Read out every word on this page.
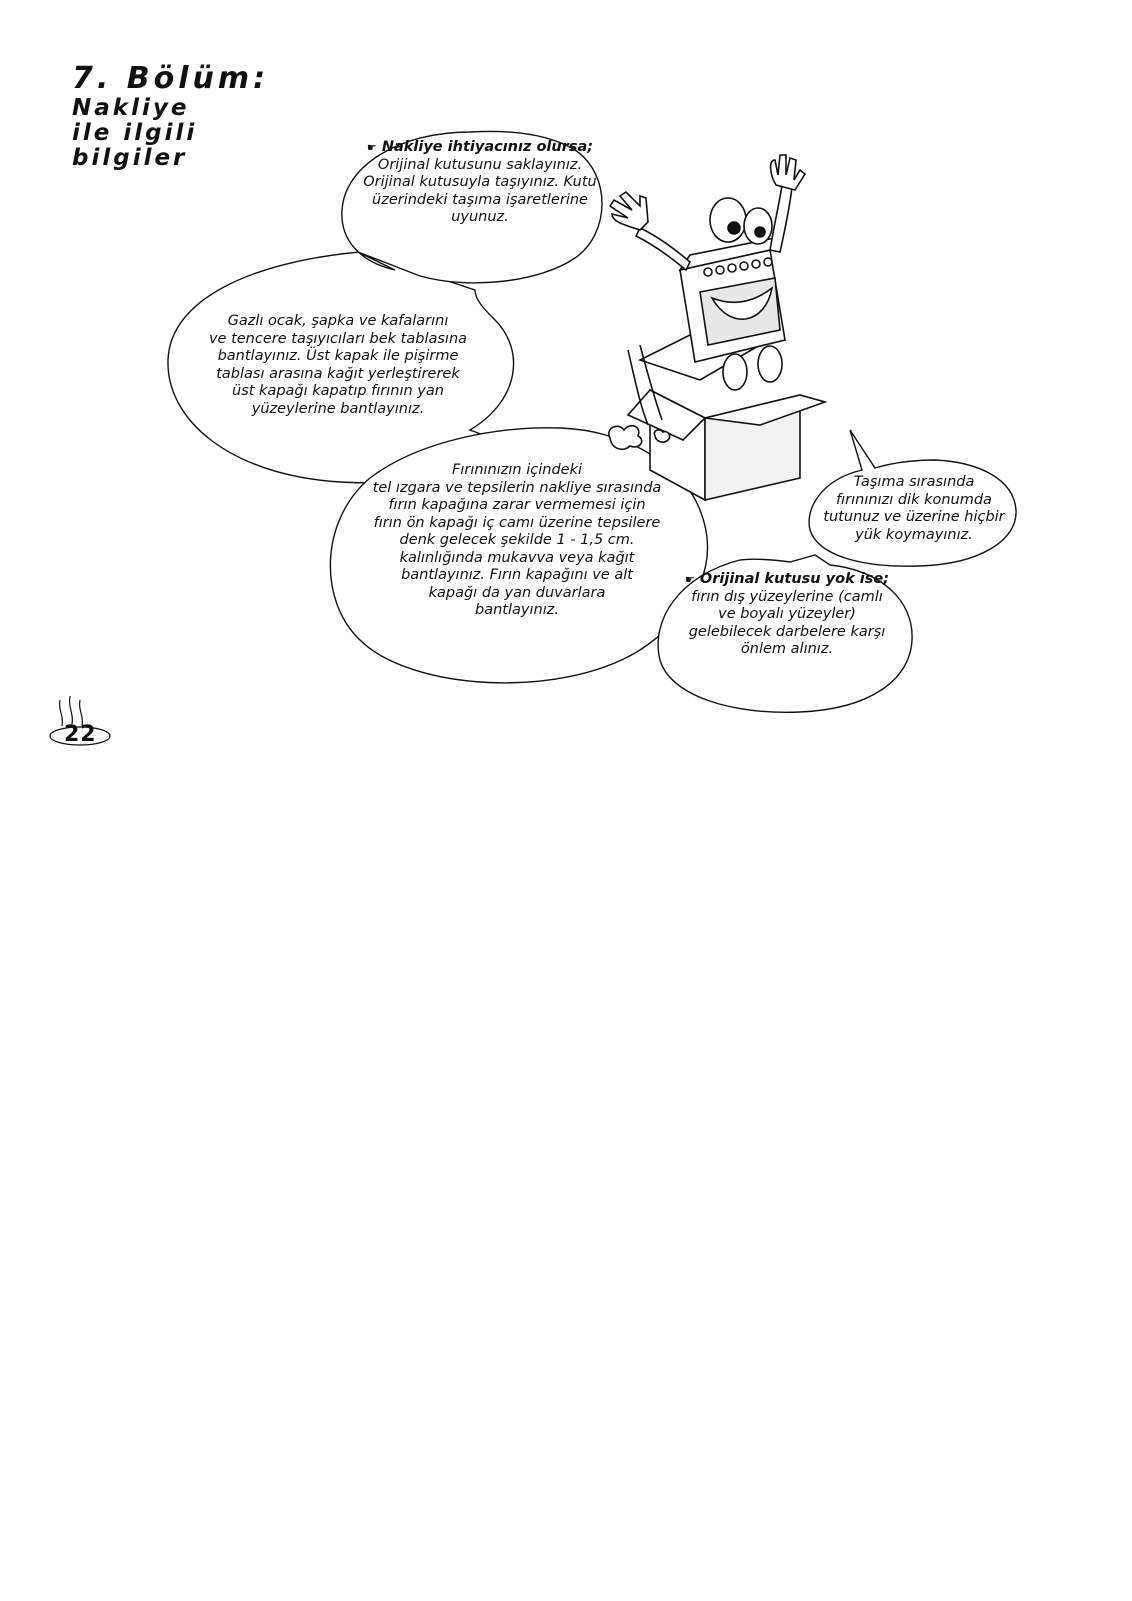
7. Bölüm:

Nakliye
ile ilgili
bilgiler	☛ Nakliye ihtiyacınız olursa;
Orijinal kutusunu saklayınız.
Orijinal kutusuyla taşıyınız. Kutu
üzerindeki taşıma işaretlerine
uyunuz.
Gazlı ocak, şapka ve kafalarını
ve tencere taşıyıcıları bek tablasına
bantlayınız. Üst kapak ile pişirme
tablası arasına kağıt yerleştirerek
üst kapağı kapatıp fırının yan
yüzeylerine bantlayınız.
Fırınınızın içindeki
tel ızgara ve tepsilerin nakliye sırasında
fırın kapağına zarar vermemesi için
fırın ön kapağı iç camı üzerine tepsilere
denk gelecek şekilde 1 - 1,5 cm.
kalınlığında mukavva veya kağıt
bantlayınız. Fırın kapağını ve alt
kapağı da yan duvarlara
bantlayınız.
Taşıma sırasında
fırınınızı dik konumda
tutunuz ve üzerine hiçbir
yük koymayınız.
☛ Orijinal kutusu yok ise;
fırın dış yüzeylerine (camlı
ve boyalı yüzeyler)
gelebilecek darbelere karşı
önlem alınız.
22
